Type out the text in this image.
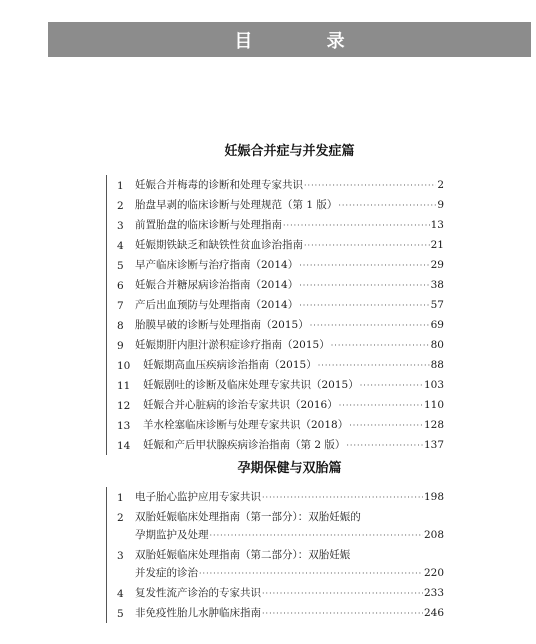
目 录
妊娠合并症与并发症篇
1	妊娠合并梅毒的诊断和处理专家共识 ·····	2
2	胎盘早剥的临床诊断与处理规范（第 1 版） ·····	9
3	前置胎盘的临床诊断与处理指南 ·····	13
4	妊娠期铁缺乏和缺铁性贫血诊治指南 ·····	21
5	早产临床诊断与治疗指南（2014） ·····	29
6	妊娠合并糖尿病诊治指南（2014） ·····	38
7	产后出血预防与处理指南（2014） ·····	57
8	胎膜早破的诊断与处理指南（2015） ·····	69
9	妊娠期肝内胆汁淤积症诊疗指南（2015） ·····	80
10	妊娠期高血压疾病诊治指南（2015） ·····	88
11	妊娠剧吐的诊断及临床处理专家共识（2015） ·····	103
12	妊娠合并心脏病的诊治专家共识（2016） ·····	110
13	羊水栓塞临床诊断与处理专家共识（2018） ·····	128
14	妊娠和产后甲状腺疾病诊治指南（第 2 版） ·····	137
孕期保健与双胎篇
1	电子胎心监护应用专家共识 ·····	198
2	双胎妊娠临床处理指南（第一部分）：双胎妊娠的
孕期监护及处理 ·····	208
3	双胎妊娠临床处理指南（第二部分）：双胎妊娠
并发症的诊治 ·····	220
4	复发性流产诊治的专家共识 ·····	233
5	非免疫性胎儿水肿临床指南 ·····	246
